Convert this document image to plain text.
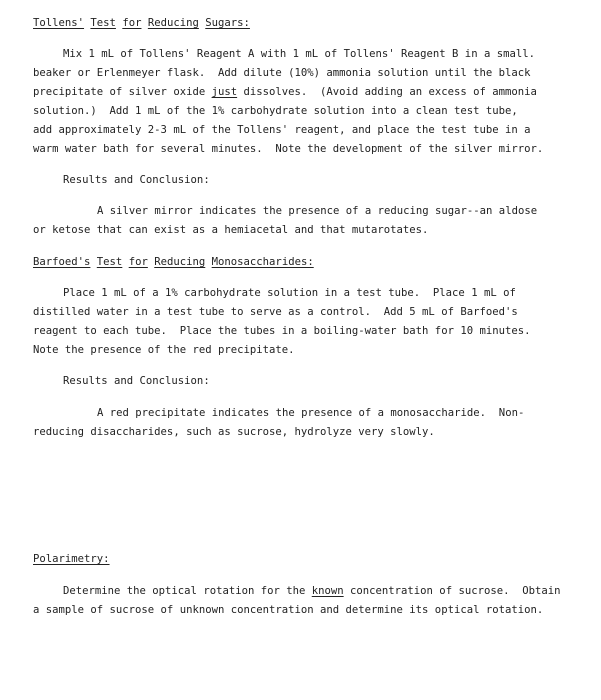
Tollens' Test for Reducing Sugars:
Mix 1 mL of Tollens' Reagent A with 1 mL of Tollens' Reagent B in a small.
beaker or Erlenmeyer flask.  Add dilute (10%) ammonia solution until the black
precipitate of silver oxide just dissolves.  (Avoid adding an excess of ammonia
solution.)  Add 1 mL of the 1% carbohydrate solution into a clean test tube,
add approximately 2-3 mL of the Tollens' reagent, and place the test tube in a
warm water bath for several minutes.  Note the development of the silver mirror.
Results and Conclusion:
A silver mirror indicates the presence of a reducing sugar--an aldose
or ketose that can exist as a hemiacetal and that mutarotates.
Barfoed's Test for Reducing Monosaccharides:
Place 1 mL of a 1% carbohydrate solution in a test tube.  Place 1 mL of
distilled water in a test tube to serve as a control.  Add 5 mL of Barfoed's
reagent to each tube.  Place the tubes in a boiling-water bath for 10 minutes.
Note the presence of the red precipitate.
Results and Conclusion:
A red precipitate indicates the presence of a monosaccharide.  Non-
reducing disaccharides, such as sucrose, hydrolyze very slowly.
Polarimetry:
Determine the optical rotation for the known concentration of sucrose.  Obtain
a sample of sucrose of unknown concentration and determine its optical rotation.
